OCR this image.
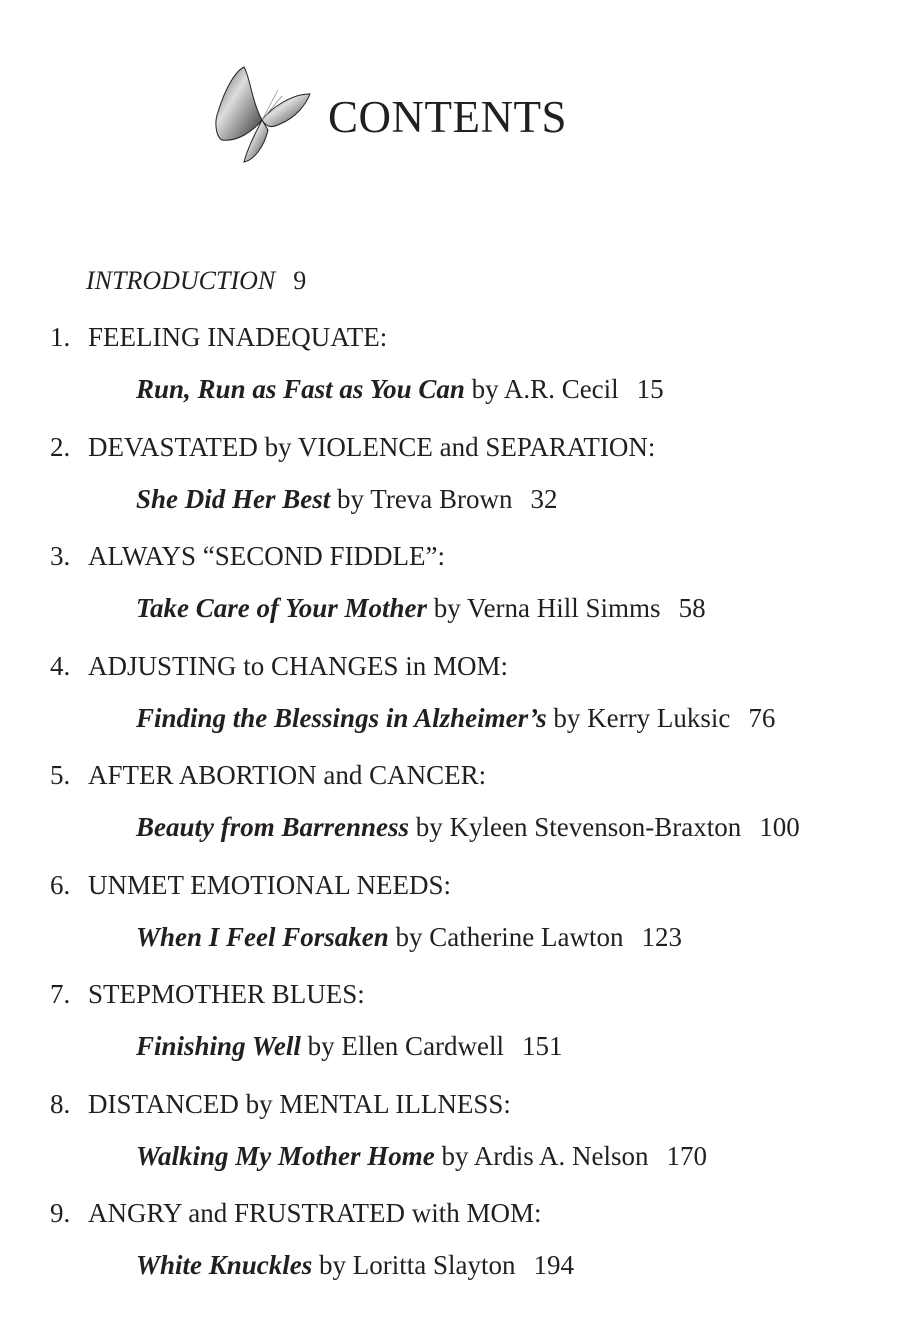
CONTENTS
INTRODUCTION 9
1. FEELING INADEQUATE:
Run, Run as Fast as You Can by A.R. Cecil 15
2. DEVASTATED by VIOLENCE and SEPARATION:
She Did Her Best by Treva Brown 32
3. ALWAYS “SECOND FIDDLE”:
Take Care of Your Mother by Verna Hill Simms 58
4. ADJUSTING to CHANGES in MOM:
Finding the Blessings in Alzheimer’s by Kerry Luksic 76
5. AFTER ABORTION and CANCER:
Beauty from Barrenness by Kyleen Stevenson-Braxton 100
6. UNMET EMOTIONAL NEEDS:
When I Feel Forsaken by Catherine Lawton 123
7. STEPMOTHER BLUES:
Finishing Well by Ellen Cardwell 151
8. DISTANCED by MENTAL ILLNESS:
Walking My Mother Home by Ardis A. Nelson 170
9. ANGRY and FRUSTRATED with MOM:
White Knuckles by Loritta Slayton 194
